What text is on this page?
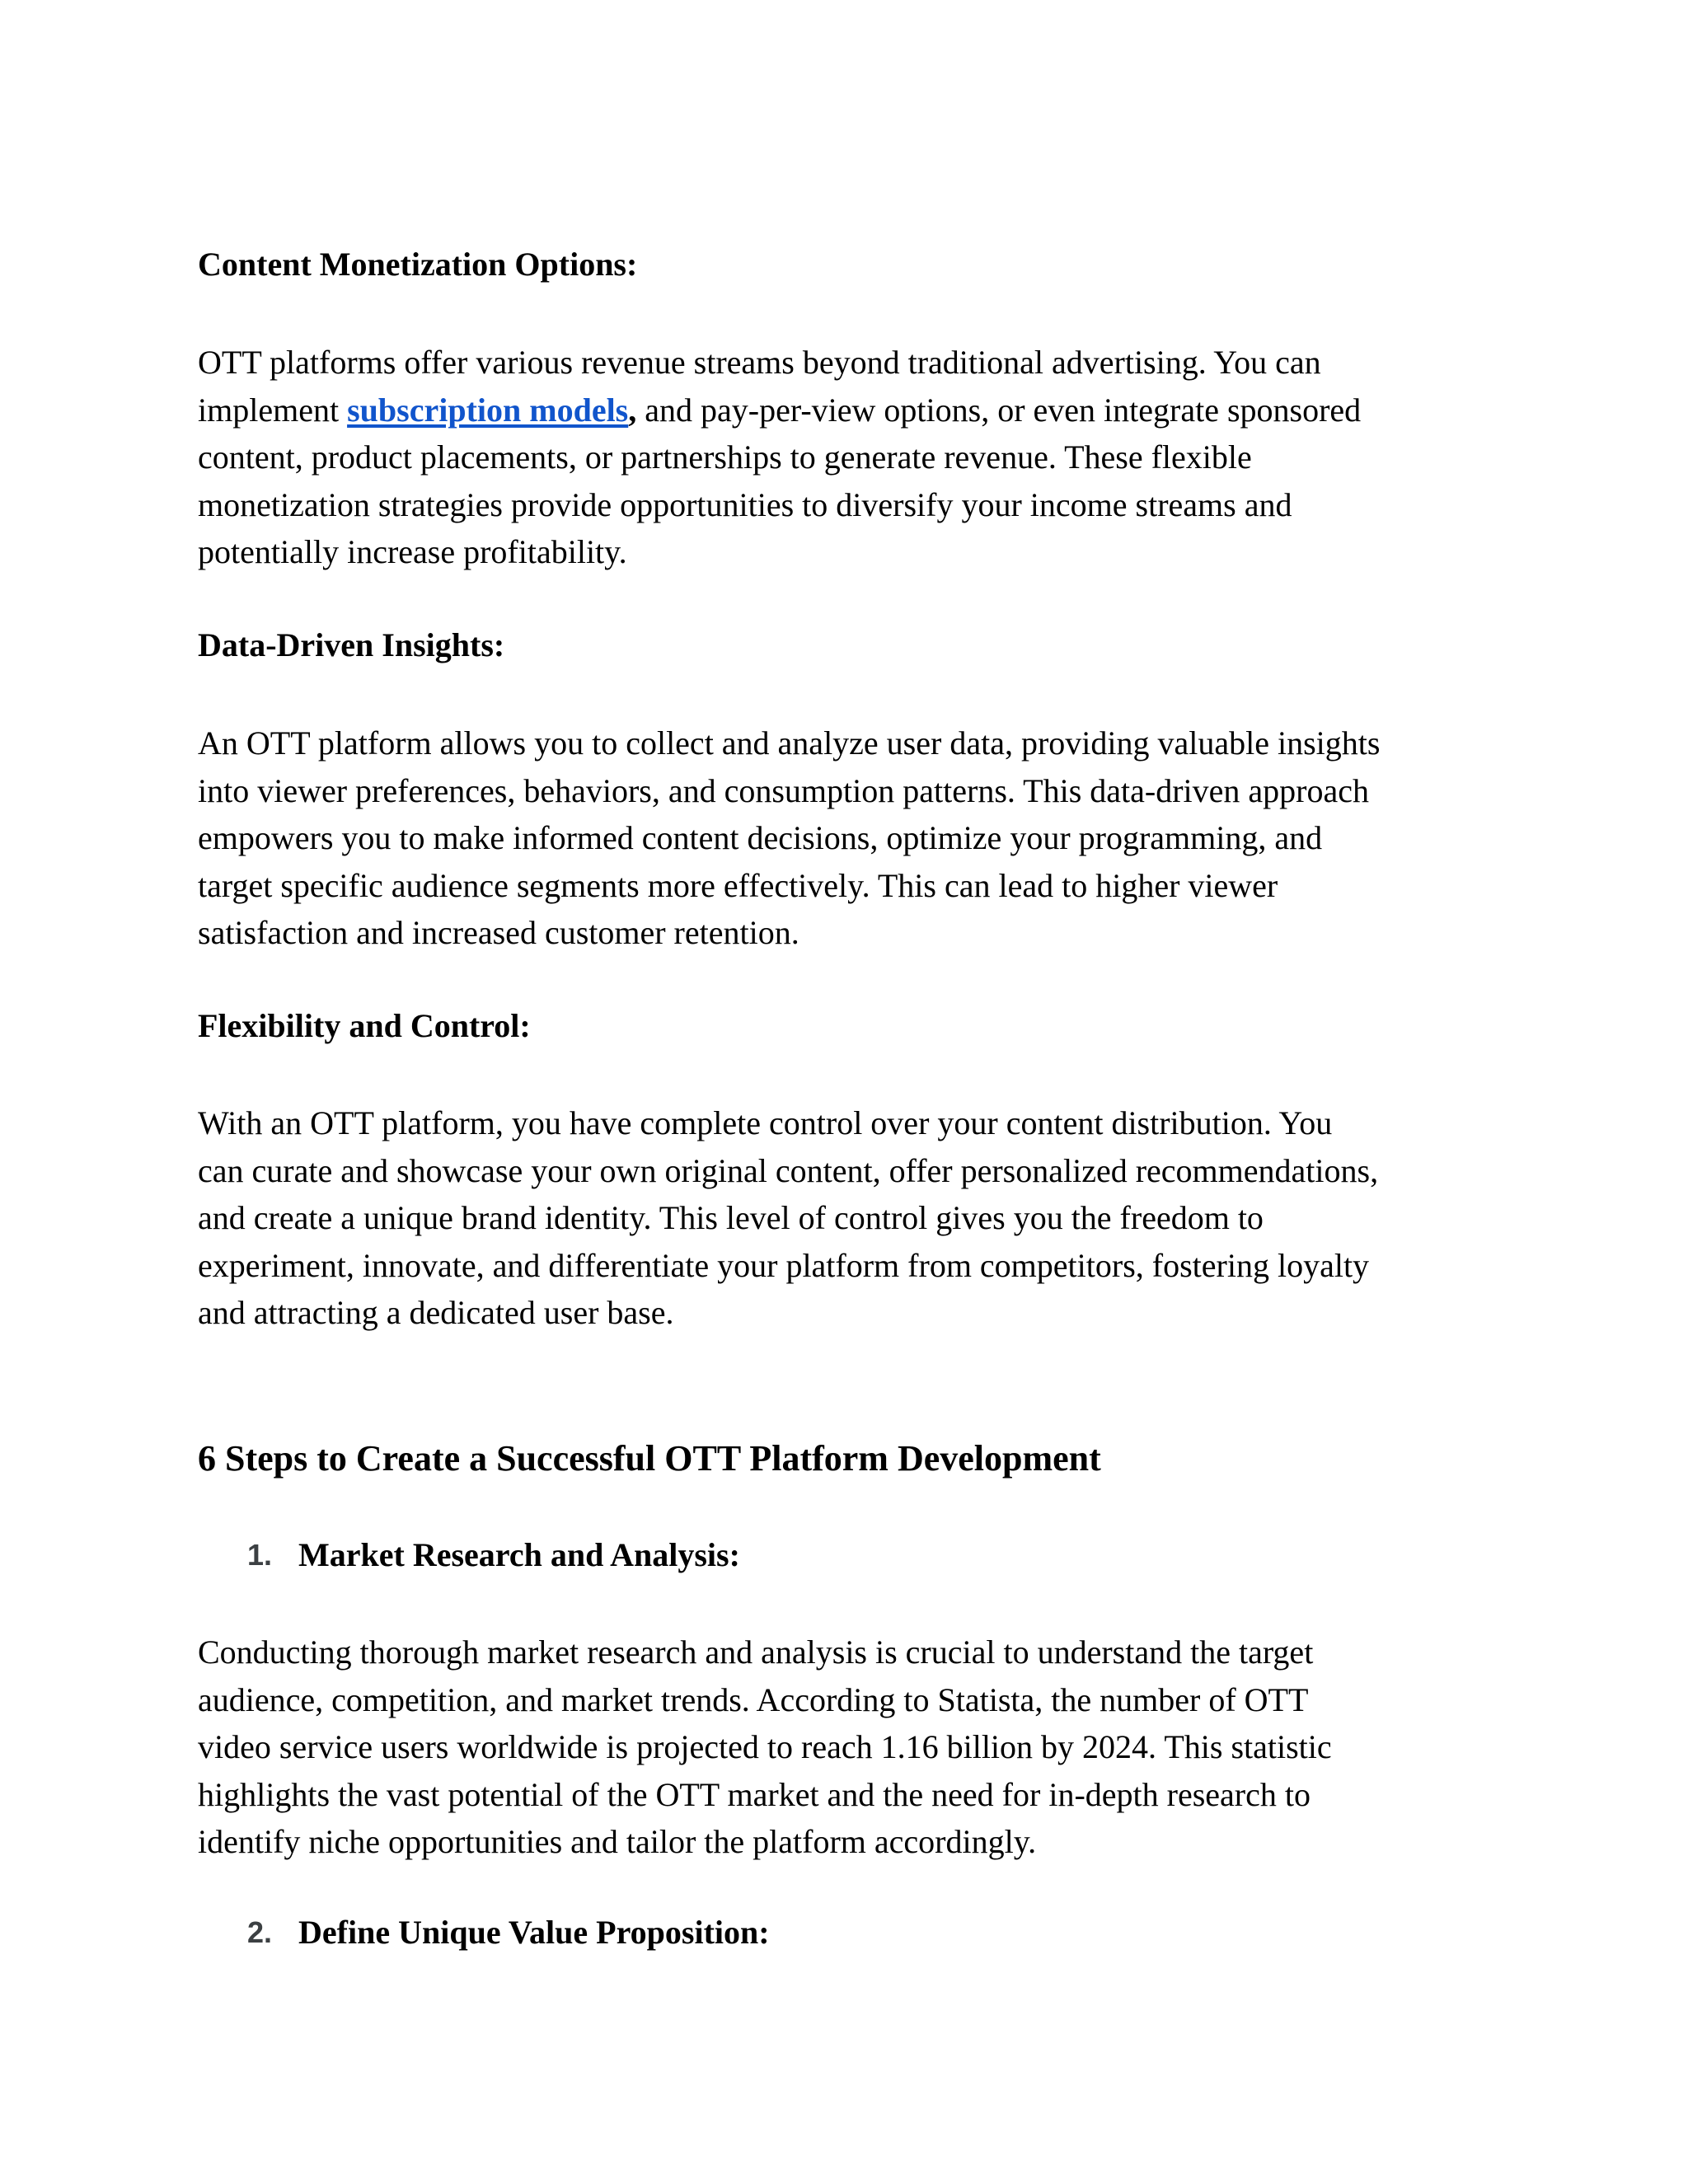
Content Monetization Options:
OTT platforms offer various revenue streams beyond traditional advertising. You can
implement subscription models, and pay-per-view options, or even integrate sponsored
content, product placements, or partnerships to generate revenue. These flexible
monetization strategies provide opportunities to diversify your income streams and
potentially increase profitability.
Data-Driven Insights:
An OTT platform allows you to collect and analyze user data, providing valuable insights
into viewer preferences, behaviors, and consumption patterns. This data-driven approach
empowers you to make informed content decisions, optimize your programming, and
target specific audience segments more effectively. This can lead to higher viewer
satisfaction and increased customer retention.
Flexibility and Control:
With an OTT platform, you have complete control over your content distribution. You
can curate and showcase your own original content, offer personalized recommendations,
and create a unique brand identity. This level of control gives you the freedom to
experiment, innovate, and differentiate your platform from competitors, fostering loyalty
and attracting a dedicated user base.
6 Steps to Create a Successful OTT Platform Development
1. Market Research and Analysis:
Conducting thorough market research and analysis is crucial to understand the target
audience, competition, and market trends. According to Statista, the number of OTT
video service users worldwide is projected to reach 1.16 billion by 2024. This statistic
highlights the vast potential of the OTT market and the need for in-depth research to
identify niche opportunities and tailor the platform accordingly.
2. Define Unique Value Proposition:
